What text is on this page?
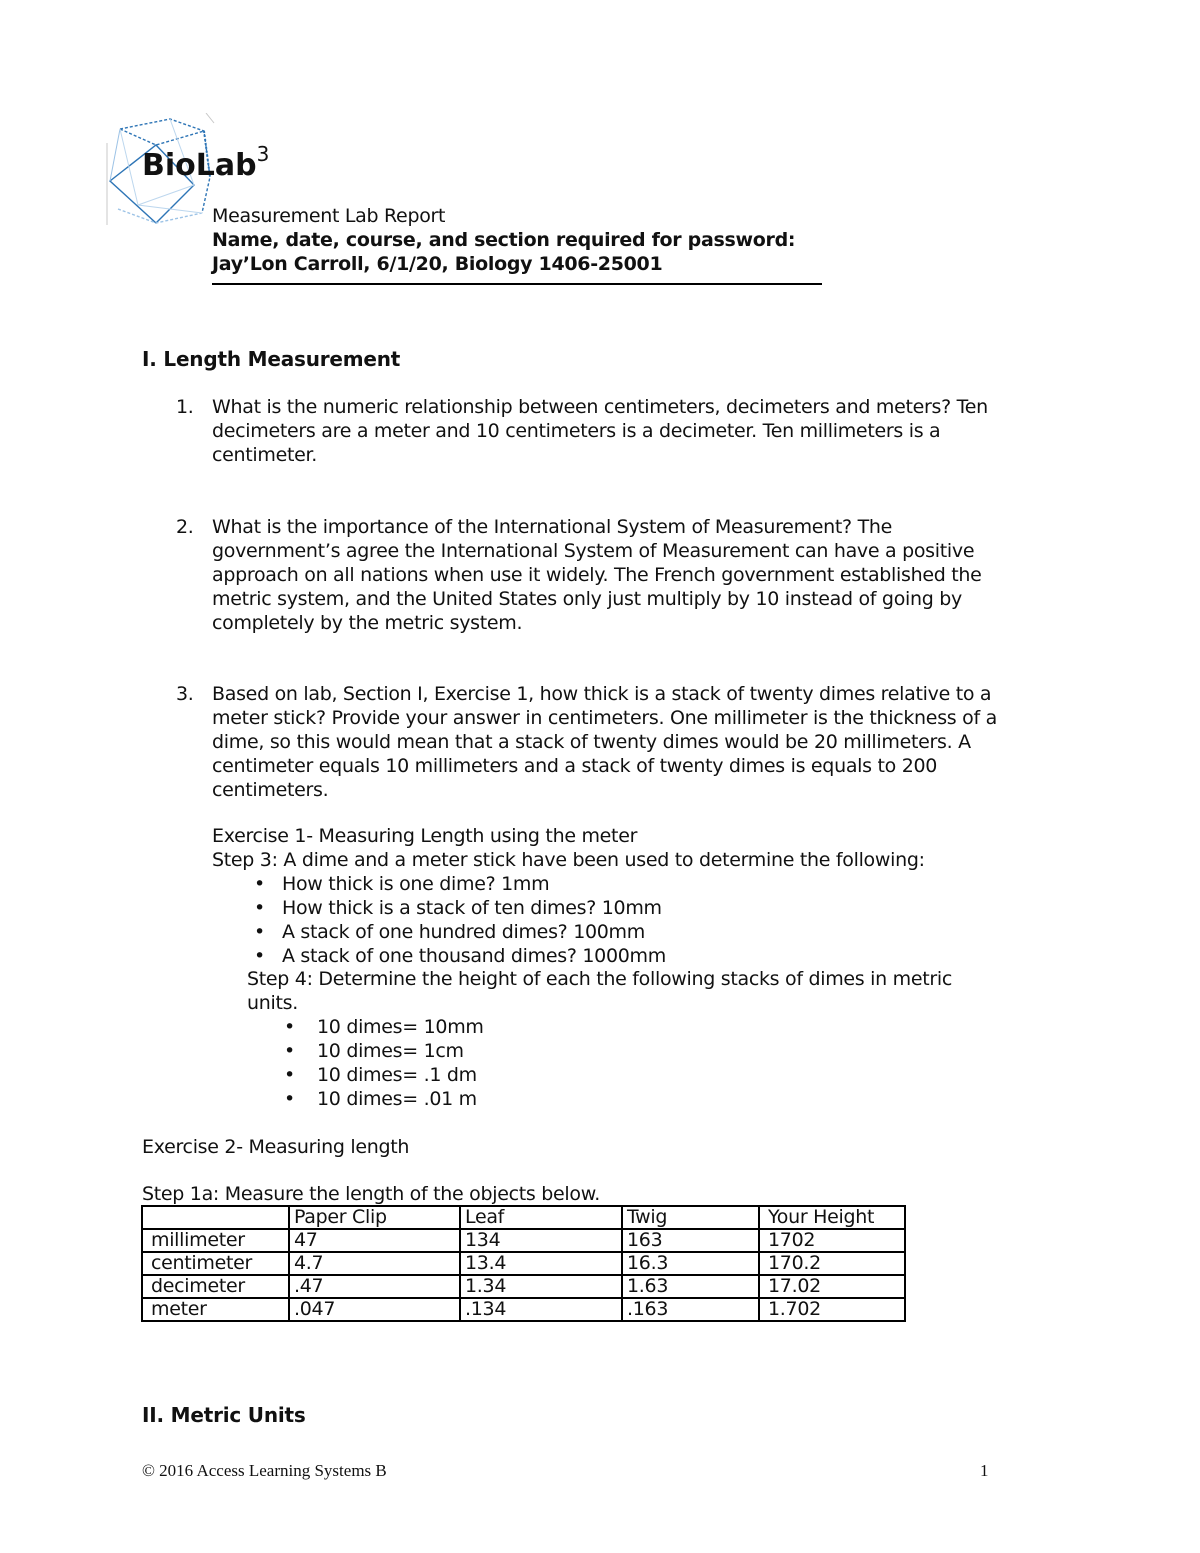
BioLab$^3$
Measurement Lab Report
Name, date, course, and section required for password:
Jay’Lon Carroll, 6/1/20, Biology 1406-25001
I. Length Measurement
1. What is the numeric relationship between centimeters, decimeters and meters? Ten
decimeters are a meter and 10 centimeters is a decimeter. Ten millimeters is a
centimeter.
2. What is the importance of the International System of Measurement? The
government’s agree the International System of Measurement can have a positive
approach on all nations when use it widely. The French government established the
metric system, and the United States only just multiply by 10 instead of going by
completely by the metric system.
3. Based on lab, Section I, Exercise 1, how thick is a stack of twenty dimes relative to a
meter stick? Provide your answer in centimeters. One millimeter is the thickness of a
dime, so this would mean that a stack of twenty dimes would be 20 millimeters. A
centimeter equals 10 millimeters and a stack of twenty dimes is equals to 200
centimeters.
Exercise 1- Measuring Length using the meter
Step 3: A dime and a meter stick have been used to determine the following:
• How thick is one dime? 1mm
• How thick is a stack of ten dimes? 10mm
• A stack of one hundred dimes? 100mm
• A stack of one thousand dimes? 1000mm
Step 4: Determine the height of each the following stacks of dimes in metric
units.
• 10 dimes= 10mm
• 10 dimes= 1cm
• 10 dimes= .1 dm
• 10 dimes= .01 m
Exercise 2- Measuring length
Step 1a: Measure the length of the objects below.
	Paper Clip	Leaf	Twig	Your Height
millimeter	47	134	163	1702
centimeter	4.7	13.4	16.3	170.2
decimeter	.47	1.34	1.63	17.02
meter	.047	.134	.163	1.702
II. Metric Units
© 2016 Access Learning Systems B	1
